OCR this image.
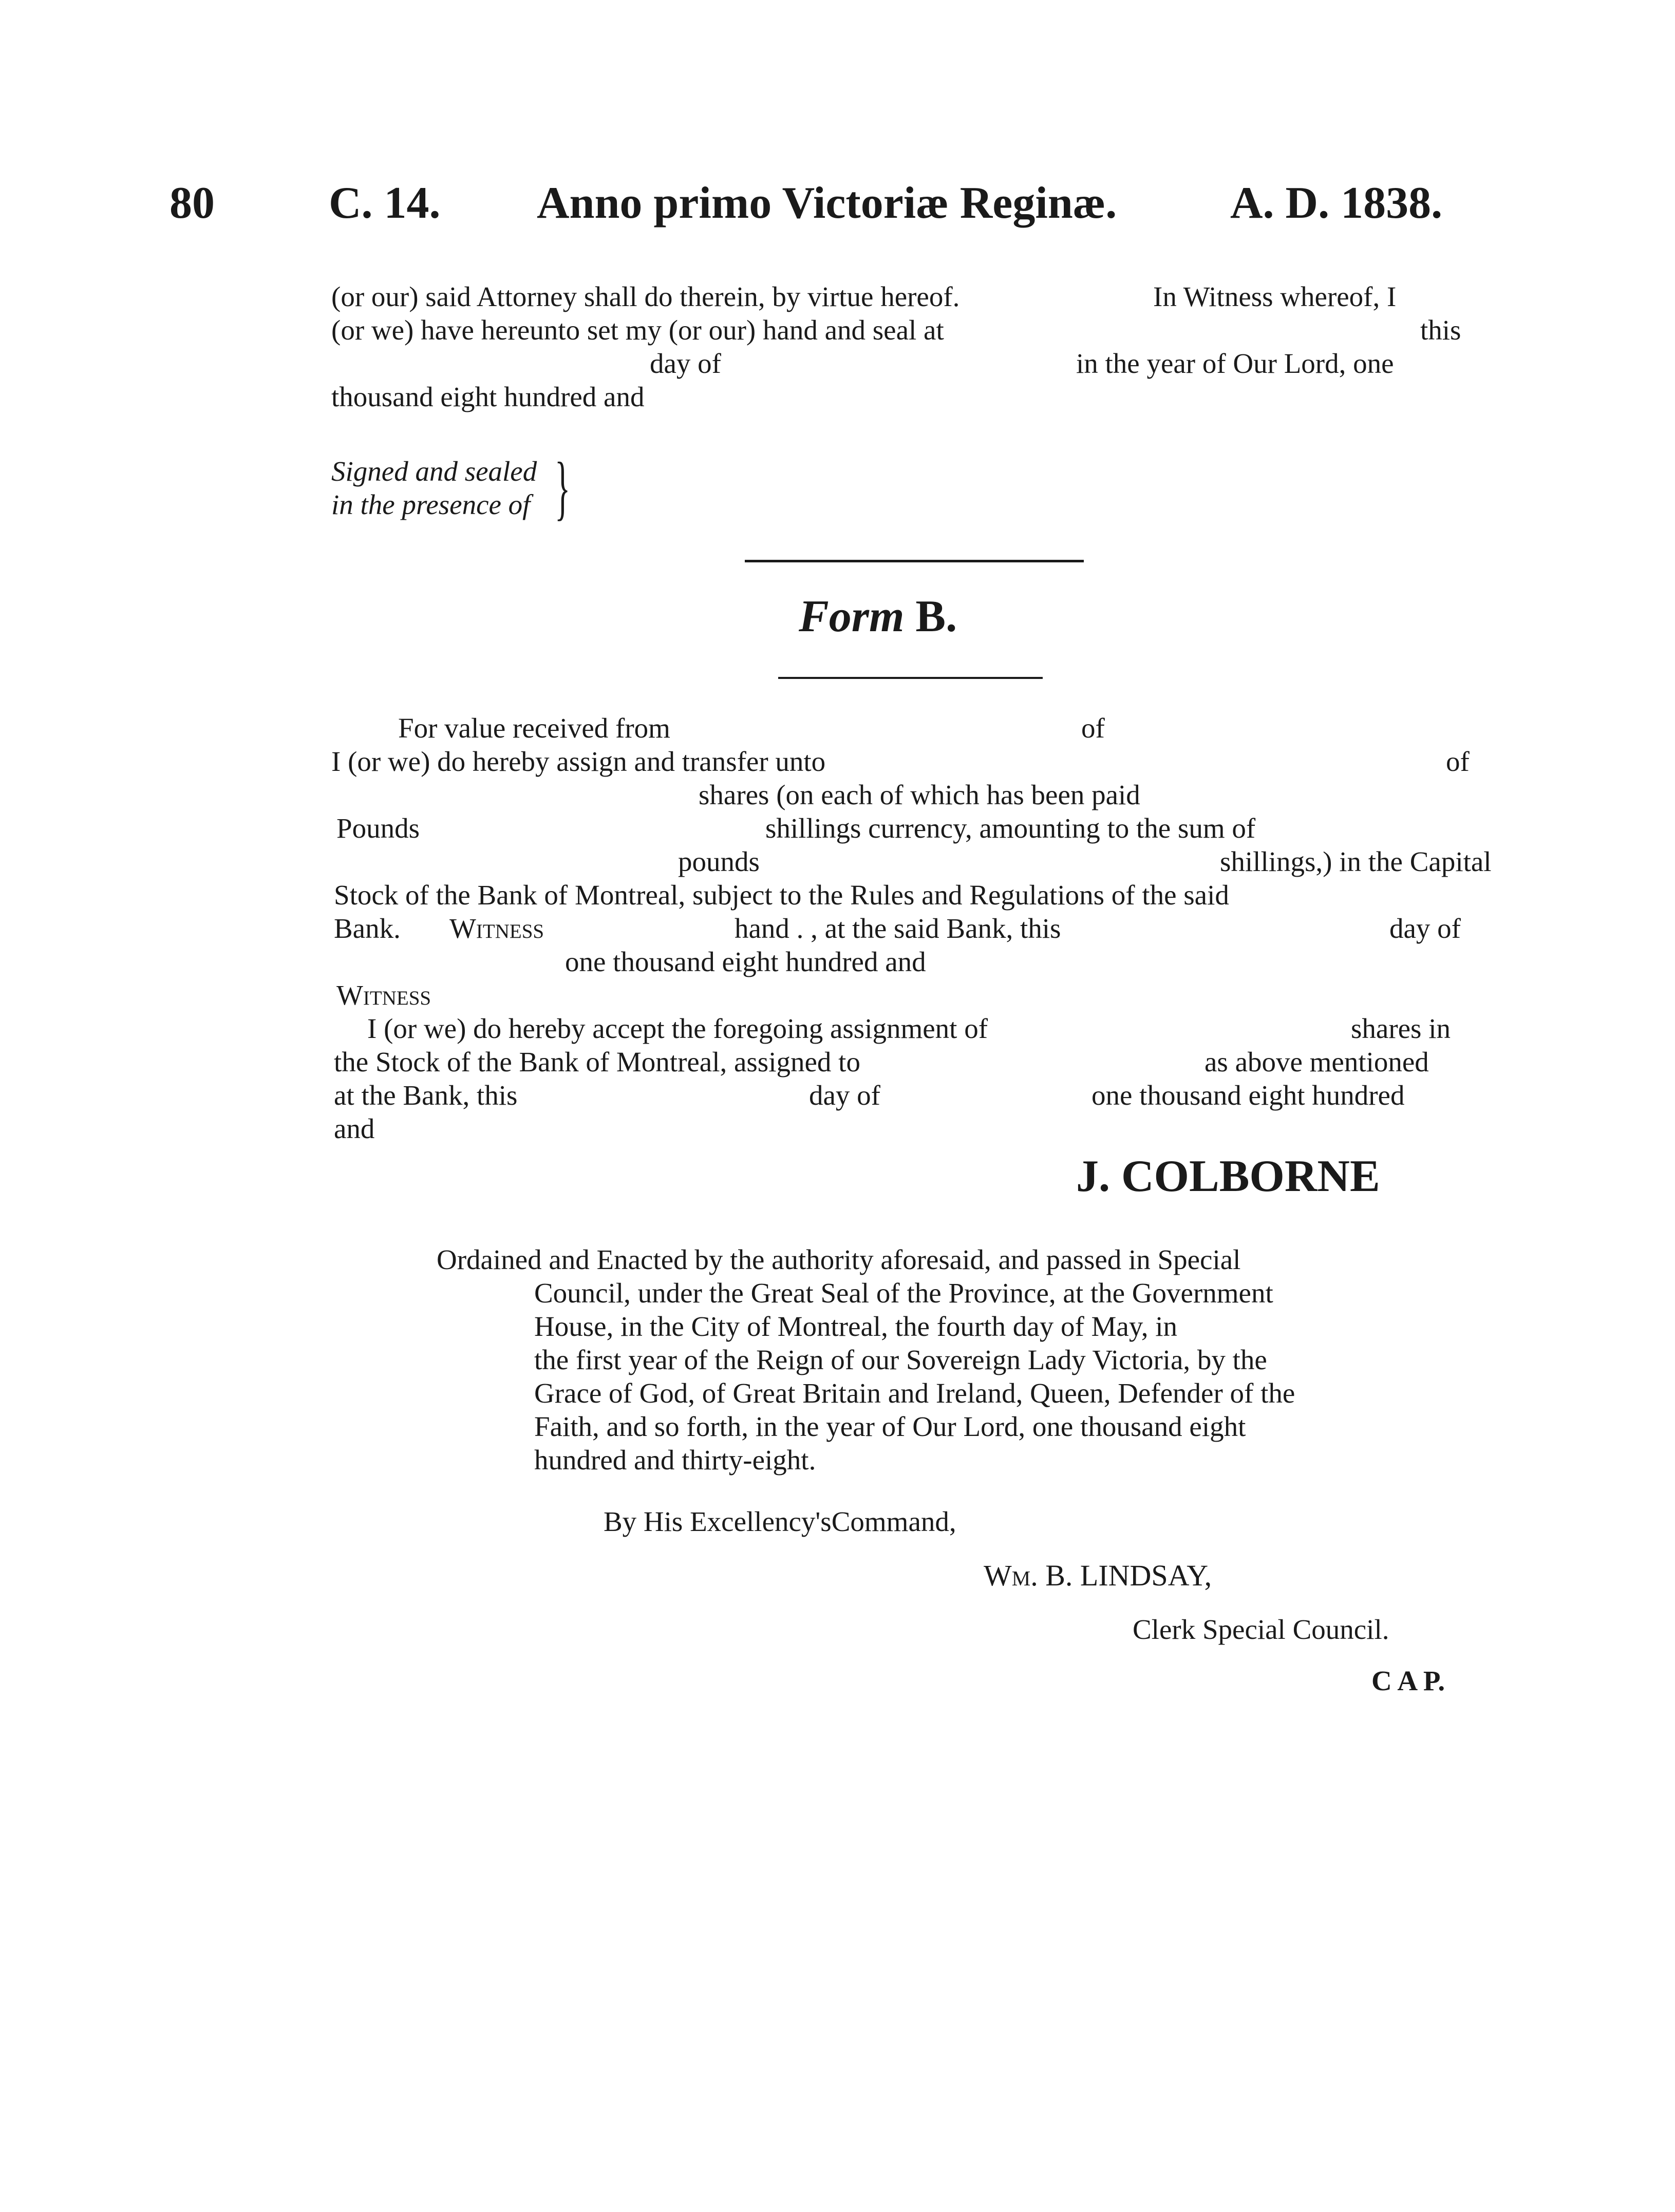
80	C. 14. Anno primo Victoriæ Reginæ.	A. D. 1838.
(or our) said Attorney shall do therein, by virtue hereof.	In Witness whereof, I
(or we) have hereunto set my (or our) hand and seal at	this
day of	in the year of Our Lord, one
thousand eight hundred and
Signed and sealed
in the presence of }
Form B.
For value received from	of
I (or we) do hereby assign and transfer unto	of
shares (on each of which has been paid
Pounds	shillings currency, amounting to the sum of
pounds	shillings,) in the Capital
Stock of the Bank of Montreal, subject to the Rules and Regulations of the said
Bank. Witness	hand . , at the said Bank, this	day of
one thousand eight hundred and
Witness
I (or we) do hereby accept the foregoing assignment of	shares in
the Stock of the Bank of Montreal, assigned to	as above mentioned
at the Bank, this	day of	one thousand eight hundred
and
J. COLBORNE
Ordained and Enacted by the authority aforesaid, and passed in Special
Council, under the Great Seal of the Province, at the Government
House, in the City of Montreal, the fourth day of May, in
the first year of the Reign of our Sovereign Lady Victoria, by the
Grace of God, of Great Britain and Ireland, Queen, Defender of the
Faith, and so forth, in the year of Our Lord, one thousand eight
hundred and thirty-eight.
By His Excellency'sCommand,
Wm. B. LINDSAY,
Clerk Special Council.
C A P.
